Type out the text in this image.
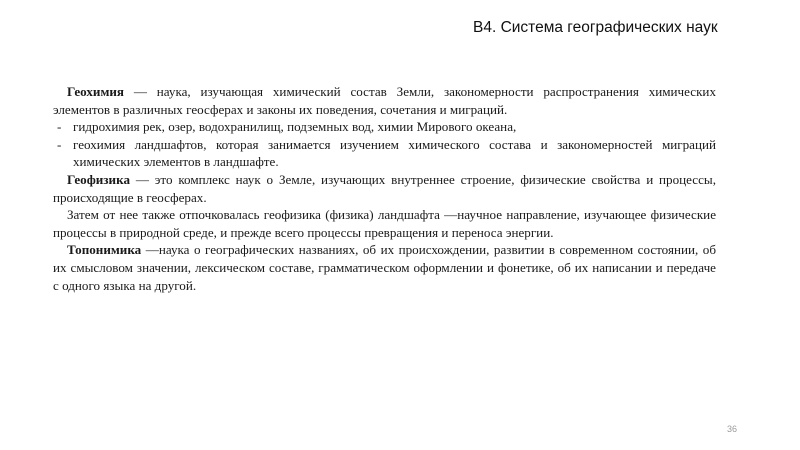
В4. Система географических наук

Геохимия — наука, изучающая химический состав Земли, закономерности распространения химических элементов в различных геосферах и законы их поведения, сочетания и миграций.

- гидрохимия рек, озер, водохранилищ, подземных вод, химии Мирового океана,
- геохимия ландшафтов, которая занимается изучением химического состава и закономерностей миграций химических элементов в ландшафте.

Геофизика — это комплекс наук о Земле, изучающих внутреннее строение, физические свойства и процессы, происходящие в геосферах.

Затем от нее также отпочковалась геофизика (физика) ландшафта —научное направление, изучающее физические процессы в природной среде, и прежде всего процессы превращения и переноса энергии.

Топонимика —наука о географических названиях, об их происхождении, развитии в современном состоянии, об их смысловом значении, лексическом составе, грамматическом оформлении и фонетике, об их написании и передаче с одного языка на другой.

36
